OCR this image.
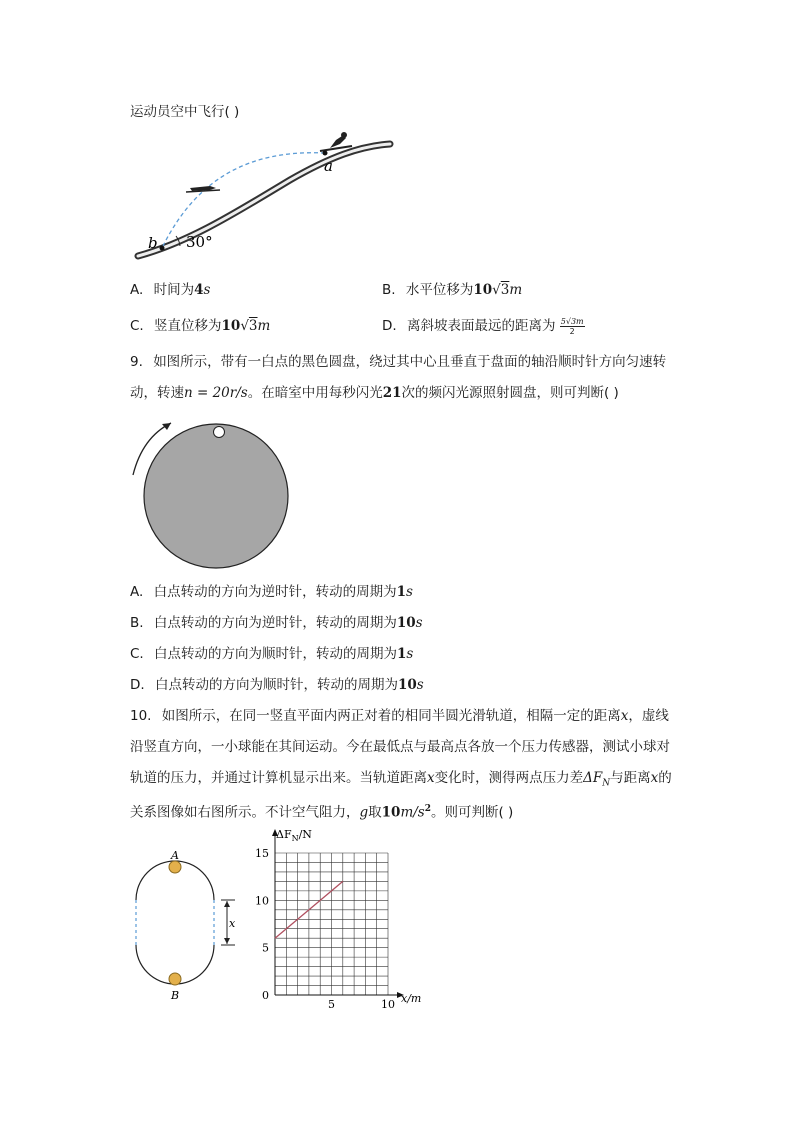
运动员空中飞行( )
a
b 30°
A. 时间为4s	B. 水平位移为10√3m
C. 竖直位移为10√3m	D. 离斜坡表面最远的距离为 $\frac{5√3m}{2}$
9. 如图所示，带有一白点的黑色圆盘，绕过其中心且垂直于盘面的轴沿顺时针方向匀速转
动，转速n = 20r/s。在暗室中用每秒闪光21次的频闪光源照射圆盘，则可判断( )
A. 白点转动的方向为逆时针，转动的周期为1s
B. 白点转动的方向为逆时针，转动的周期为10s
C. 白点转动的方向为顺时针，转动的周期为1s
D. 白点转动的方向为顺时针，转动的周期为10s
10. 如图所示，在同一竖直平面内两正对着的相同半圆光滑轨道，相隔一定的距离x，虚线
沿竖直方向，一小球能在其间运动。今在最低点与最高点各放一个压力传感器，测试小球对
轨道的压力，并通过计算机显示出来。当轨道距离x变化时，测得两点压力差$\Delta F_N$与距离x的
关系图像如右图所示。不计空气阻力，g取$10m/s^2$。则可判断( )
A
B
x
0
5
10
15
5	10
$\Delta F_N/N$
x/m
